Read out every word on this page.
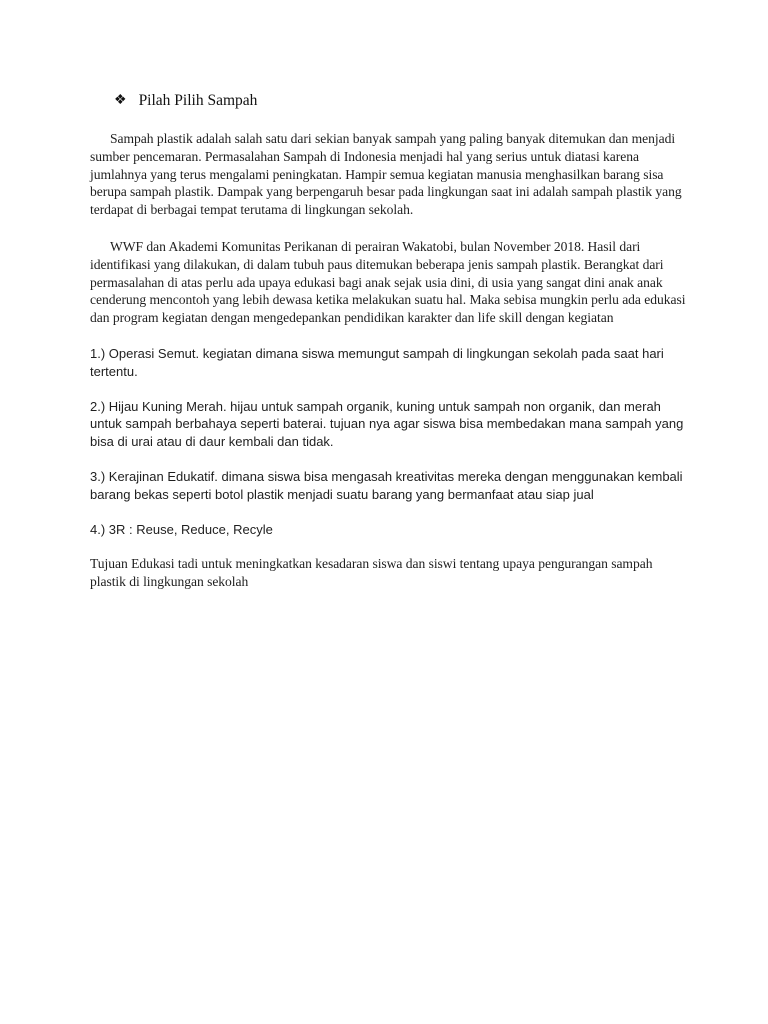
❖ Pilah Pilih Sampah

Sampah plastik adalah salah satu dari sekian banyak sampah yang paling banyak ditemukan dan menjadi sumber pencemaran. Permasalahan Sampah di Indonesia menjadi hal yang serius untuk diatasi karena jumlahnya yang terus mengalami peningkatan. Hampir semua kegiatan manusia menghasilkan barang sisa berupa sampah plastik. Dampak yang berpengaruh besar pada lingkungan saat ini adalah sampah plastik yang terdapat di berbagai tempat terutama di lingkungan sekolah.

WWF dan Akademi Komunitas Perikanan di perairan Wakatobi, bulan November 2018. Hasil dari identifikasi yang dilakukan, di dalam tubuh paus ditemukan beberapa jenis sampah plastik. Berangkat dari permasalahan di atas perlu ada upaya edukasi bagi anak sejak usia dini, di usia yang sangat dini anak anak cenderung mencontoh yang lebih dewasa ketika melakukan suatu hal. Maka sebisa mungkin perlu ada edukasi dan program kegiatan dengan mengedepankan pendidikan karakter dan life skill dengan kegiatan

1.) Operasi Semut. kegiatan dimana siswa memungut sampah di lingkungan sekolah pada saat hari tertentu.

2.) Hijau Kuning Merah. hijau untuk sampah organik, kuning untuk sampah non organik, dan merah untuk sampah berbahaya seperti baterai. tujuan nya agar siswa bisa membedakan mana sampah yang bisa di urai atau di daur kembali dan tidak.

3.) Kerajinan Edukatif. dimana siswa bisa mengasah kreativitas mereka dengan menggunakan kembali barang bekas seperti botol plastik menjadi suatu barang yang bermanfaat atau siap jual

4.) 3R : Reuse, Reduce, Recyle

Tujuan Edukasi tadi untuk meningkatkan kesadaran siswa dan siswi tentang upaya pengurangan sampah plastik di lingkungan sekolah
